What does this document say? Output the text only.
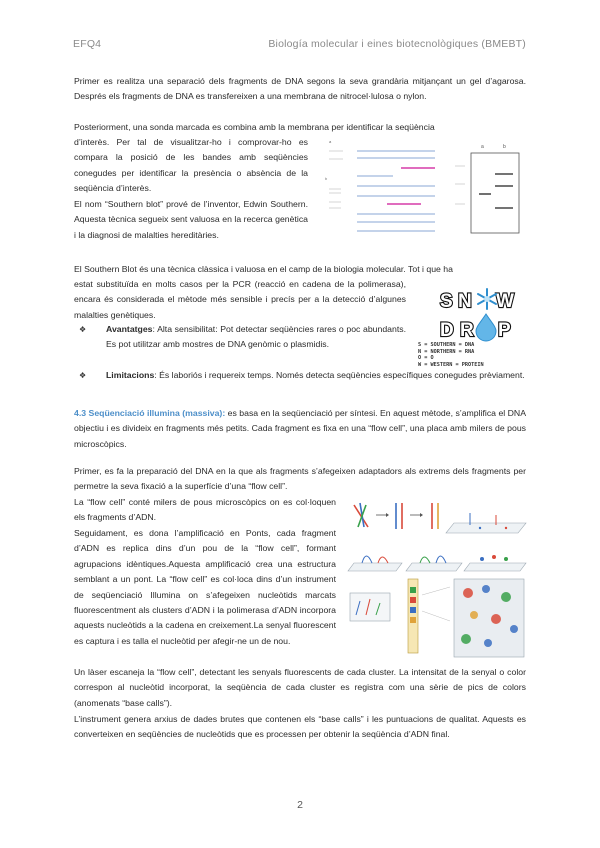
EFQ4	Biología molecular i eines biotecnològiques (BMEBT)

Primer es realitza una separació dels fragments de DNA segons la seva grandària mitjançant un gel d’agarosa. Després els fragments de DNA es transfereixen a una membrana de nitrocel·lulosa o nylon.

Posteriorment, una sonda marcada es combina amb la membrana per identificar la seqüència

d’interès. Per tal de visualitzar-ho i comprovar-ho es compara la posició de les bandes amb seqüències conegudes per identificar la presència o absència de la seqüència d’interès.

El nom “Southern blot” prové de l’inventor, Edwin Southern. Aquesta tècnica segueix sent valuosa en la recerca genètica i la diagnosi de malalties hereditàries.

a
b
a	b

El Southern Blot és una tècnica clàssica i valuosa en el camp de la biologia molecular. Tot i que ha

estat substituïda en molts casos per la PCR (reacció en cadena de la polimerasa), encara és considerada el mètode més sensible i precís per a la detecció d’algunes malalties genètiques.

❖ Avantatges: Alta sensibilitat: Pot detectar seqüències rares o poc abundants. Es pot utilitzar amb mostres de DNA genòmic o plasmidis.
❖ Limitacions: És laboriós i requereix temps. Només detecta seqüències específiques conegudes prèviament.
S N W
D R P
S = SOUTHERN = DNA
N = NORTHERN = RNA
O = O
W = WESTERN = PROTEIN

4.3 Seqüenciació illumina (massiva): es basa en la seqüenciació per síntesi. En aquest mètode, s’amplifica el DNA objectiu i es divideix en fragments més petits. Cada fragment es fixa en una “flow cell”, una placa amb milers de pous microscòpics.

Primer, es fa la preparació del DNA en la que als fragments s’afegeixen adaptadors als extrems dels fragments per permetre la seva fixació a la superfície d’una “flow cell”.

La “flow cell” conté milers de pous microscòpics on es col·loquen els fragments d’ADN.

Seguidament, es dona l’amplificació en Ponts, cada fragment d’ADN es replica dins d’un pou de la “flow cell”, formant agrupacions idèntiques.Aquesta amplificació crea una estructura semblant a un pont. La “flow cell” es col·loca dins d’un instrument de seqüenciació Illumina on s’afegeixen nucleòtids marcats fluorescentment als clusters d’ADN i la polimerasa d’ADN incorpora aquests nucleòtids a la cadena en creixement.La senyal fluorescent es captura i es talla el nucleòtid per afegir-ne un de nou.

Un làser escaneja la “flow cell”, detectant les senyals fluorescents de cada cluster. La intensitat de la senyal o color correspon al nucleòtid incorporat, la seqüència de cada cluster es registra com una sèrie de pics de colors (anomenats “base calls”).

L’instrument genera arxius de dades brutes que contenen els “base calls” i les puntuacions de qualitat. Aquests es converteixen en seqüències de nucleòtids que es processen per obtenir la seqüència d’ADN final.

2
